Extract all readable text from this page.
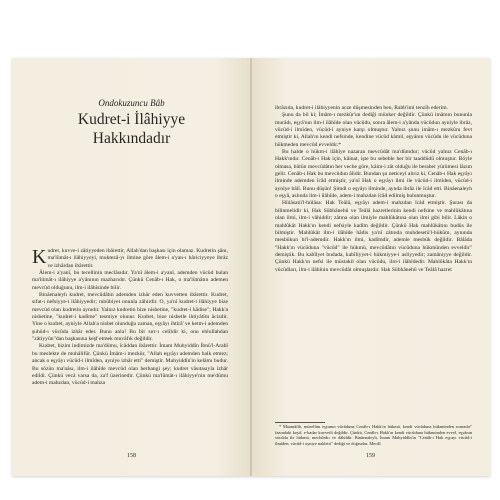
Ondokuzuncu Bâb
Kudret-i İlâhiyye
Hakkındadır

Kudret, kuvve-i zâtiyyeden ibârettir, Allah'dan başkası için olamaz. Kudretin şânı, ma'lümât-ı ilâhiyyeyi, muktezâ-yı ilmine göre âlem-i a'yan-ı hâriciyyeye ibrâz ve izhârdan ibârettir.

Âlem-i a'yanî, bu tecellinin meclâsıdır. Ya'nî âlem-i a'yanî, ademden vücûd bulan ma'lûmât-ı ilâhiyye a'yânının mazharıdır. Çünkü Cenâb-ı Hak, o ma'lûmâtın ademen mevcûd olduğunu, ilm-i ilâhîsinde bilir.

Binâenaleyh kudret, mevcûdâtın ademden izhâr eden kuvvetten ibârettir. Kudret, sıfat-ı nefsiyye-i ilâhiyyedir; rubûbiyet onunla zâhirdir. O, ya'nî kudret-i ilâhiyye bize mevcûd olan kudretin aynıdır. Yalnız kudretin bize nisbetine, "kudret-i hâdise"; Hakk'a nisbetine, "kudret-i kadîme" tesmiye olunur. Kudret, bize nisbetle ihtiyâtîm âcizdir. Yine o kudret, ayniyle Allah'a nisbet olunduğu zaman, eşyâyı ihtirâ' ve ketm-i ademden şuhûd-ı vücûda izhâr eder. Bunu anla! Bu bir sırr-ı celîldir ki, onu ehlullahdan "zâtiyyûn"dan başkasına keşf etmek muvâfık değildir.

Kudret, bizim indimizde ma'dûmu, îcâddan ibârettir. İmam Muhyiddîn İbnü'l-Arabî bu meslekte de muhâlifür. Çünkü İmâm-ı mezkûr, "Allah eşyâyı ademden halk etmez; ancak o eşyâyı vücûd-i ilmîden, ayniye izhâr etti" demiştir. Muhyiddîn'in kelâmı budur. Bu sözün ma'nâsı, ilm-i ilâhîde mevcûd olan herhangi şey; kudret vâsıtasıyla izhâr edildi. Çünkü vecâ varsa da, za'f üzerinedir. Çünkü ma'lûmât-ı ilâhiyye'nin me'dûmu adem-i mahzdan, vücûd-i mahza

158

ibrâzıda, kudret-i ilâhiyyenin acze düşmesinden ben, Rabb'imi tenzîh ederim.

Şunu da bil ki; İmâm-ı mezkûr'un dediği münker değildir. Çünkü imâmın bununla murâdı, eşyâ'nın ilm-i ilâhîde olan vücûdu, sonra âlem-i a'yânda vücûdun ayniyle ibrâz, vücûd-i ilmîden, vücûd-i ayniye karşı olmuştur. Yalnız şunu imâm-ı mezkûru fevt etmiştir ki, Allah'ın kendi nefsinde, kendine vücûd kâmil, eşyânın vücûdu ile vücûduna hükmeden mevcûd evveldir.*

Bu halde o hükm-i ilâhîye nazaran mevcûdât ma'dûmdur; vücûd yalnız Cenâb-ı Hakk'ındır. Cenâb-ı Hak için, kâinat, işte bu sebeble her bir taaddüdü olmuştur. Böyle olmasa, bütün mevcûdâtın her veche göre, kâim-i zât olduğu ile beraber yürümesi lâzım gelir. Cenâb-ı Hak bu mevcûdun âlidir. Bundan şu neticeyi alırız ki, Cenâb-ı Hak eşyâyı ilminde ademden îcâd etmiştir, ya'nî Hak o eşyâyı ilmi ile vücûd-i ilmîden, vücûd-i aynîye bâlî. Bunu düşün! Şimdi o eşyâyı ilminde, aynda ibrâz ile îcâd etti. Binâenaleyh o eşyâ, aslında ilm-i ilâhîde, adem-i mahzdan îcâd edilmiş bulunmuştur.

Hülâsatü'l-hülâsa: Hak Teâlâ, eşyâyı adem-i mahzdan îcâd etmiştir. Şurası da bilinmelidir ki, Hak Sübhânehû ve Teâlâ hazretlerinin kendi nefsine ve mahlûkâtına olan ilmi, ilm-i vâhiddir; zâtına olan ilmiyle mahlûkâtına olan ilmi gibi bilir. Lâkin o mahlûkât Hakk'ın kendi nefsiyle kadîm değildir. Çünkü Hak mahlûkâtını budûs ile bilmiştir. Mahlûkât ilm-i ilâhîde hâdis ya'nî zâtında muhdesetü'l-hükûm, aynında mesbûkun bi'l-ademdir. Hakk'ın ilmi, kadîmdir, ademle mesbûk değildir. Bâlâda "Hakk'ın vücûduna "vücûd" ile hükmü, mevcûdâtın vücûduna hükmünden evveldir" demiştik. Bu kabîlyet budada, kabîliyyet-i hükmiyye-i asliyyedir; zamâniyye değildir. Çünkü Hakk'ın nefsi ile müstakil olan vücûdu, ilm-i ilâhîdedir. Mahlûkâta Hakk'ın vücûdları, ilm-i ilâhînin mevcûdât olmuşlardır. Hak Sübhânehû ve Teâlâ hazret

* Maamâfih, müsellim eşyanın vücûduna Cenâb-ı Hakk'ın hükmü, kendi vücûduna hükmünden sonradır" fazındaki keşif, e-kadar kuvvetli değildir. Çünkü, Cenâb-ı Hakk'ın kendi vücûduna hükmünden evvel, eşyânın vücûdu ile hükmü, mecbûrdıı ve dâhildir. Binâenaleyh, İmam Muhyiddîn'in "Cenâb-ı Hak eşyayı vücûd-i ilmîden, vücûd-i ayniye nakletti" dediği ve doğrudur. Mecdî

159
